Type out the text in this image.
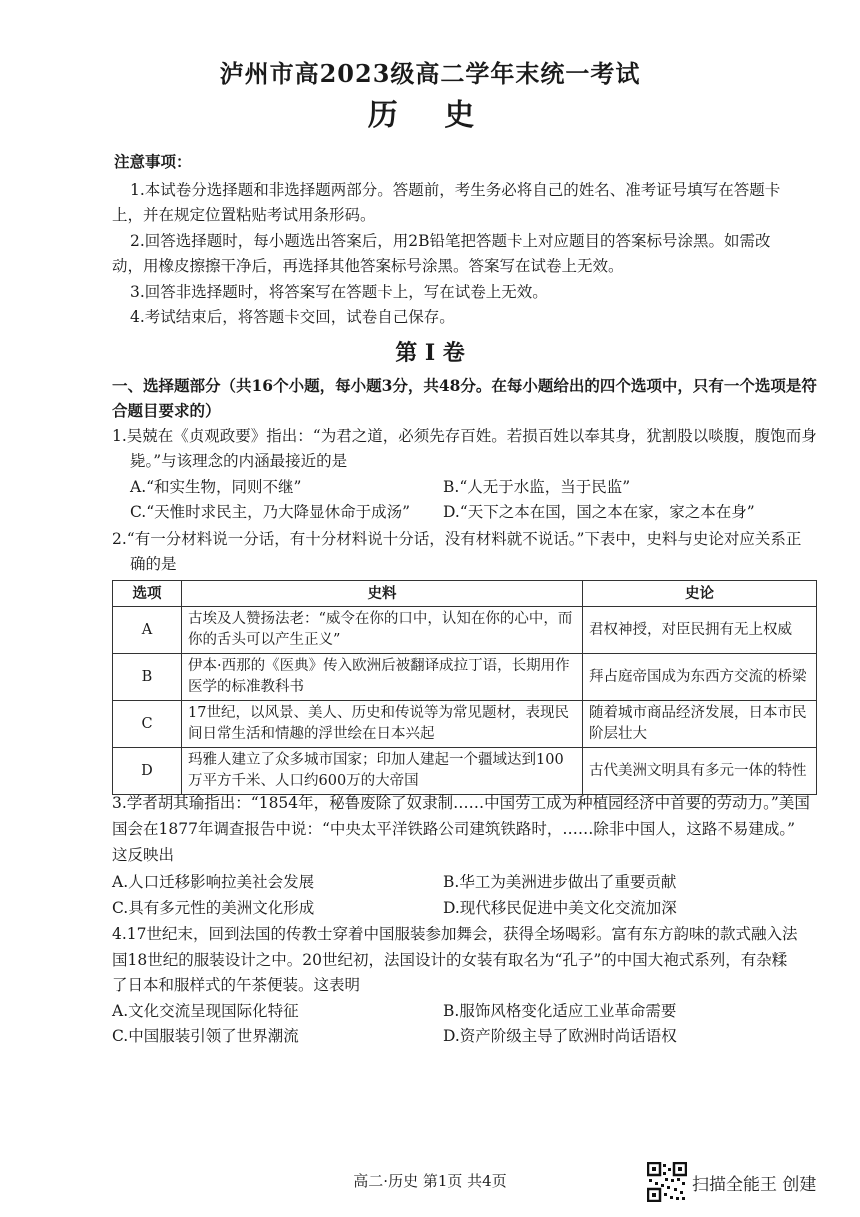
泸州市高2023级高二学年末统一考试
历 史
注意事项：
1.本试卷分选择题和非选择题两部分。答题前，考生务必将自己的姓名、准考证号填写在答题卡
上，并在规定位置粘贴考试用条形码。
2.回答选择题时，每小题选出答案后，用2B铅笔把答题卡上对应题目的答案标号涂黑。如需改
动，用橡皮擦擦干净后，再选择其他答案标号涂黑。答案写在试卷上无效。
3.回答非选择题时，将答案写在答题卡上，写在试卷上无效。
4.考试结束后，将答题卡交回，试卷自己保存。
第 I 卷
一、选择题部分（共16个小题，每小题3分，共48分。在每小题给出的四个选项中，只有一个选项是符
合题目要求的）
1.吴兢在《贞观政要》指出：“为君之道，必须先存百姓。若损百姓以奉其身，犹割股以啖腹，腹饱而身
毙。”与该理念的内涵最接近的是
A.“和实生物，同则不继”	B.“人无于水监，当于民监”
C.“天惟时求民主，乃大降显休命于成汤” D.“天下之本在国，国之本在家，家之本在身”
2.“有一分材料说一分话，有十分材料说十分话，没有材料就不说话。”下表中，史料与史论对应关系正
确的是
选项	史料	史论
A	古埃及人赞扬法老：“威令在你的口中，认知在你的心中，而你的舌头可以产生正义”	君权神授，对臣民拥有无上权威
B	伊本·西那的《医典》传入欧洲后被翻译成拉丁语，长期用作医学的标准教科书	拜占庭帝国成为东西方交流的桥梁
C	17世纪，以风景、美人、历史和传说等为常见题材，表现民间日常生活和情趣的浮世绘在日本兴起	随着城市商品经济发展，日本市民阶层壮大
D	玛雅人建立了众多城市国家；印加人建起一个疆域达到100万平方千米、人口约600万的大帝国	古代美洲文明具有多元一体的特性
3.学者胡其瑜指出：“1854年，秘鲁废除了奴隶制……中国劳工成为种植园经济中首要的劳动力。”美国
国会在1877年调查报告中说：“中央太平洋铁路公司建筑铁路时，……除非中国人，这路不易建成。”
这反映出
A.人口迁移影响拉美社会发展	B.华工为美洲进步做出了重要贡献
C.具有多元性的美洲文化形成	D.现代移民促进中美文化交流加深
4.17世纪末，回到法国的传教士穿着中国服装参加舞会，获得全场喝彩。富有东方韵味的款式融入法
国18世纪的服装设计之中。20世纪初，法国设计的女装有取名为“孔子”的中国大袍式系列，有杂糅
了日本和服样式的午茶便装。这表明
A.文化交流呈现国际化特征	B.服饰风格变化适应工业革命需要
C.中国服装引领了世界潮流	D.资产阶级主导了欧洲时尚话语权
高二·历史 第1页 共4页	扫描全能王 创建
